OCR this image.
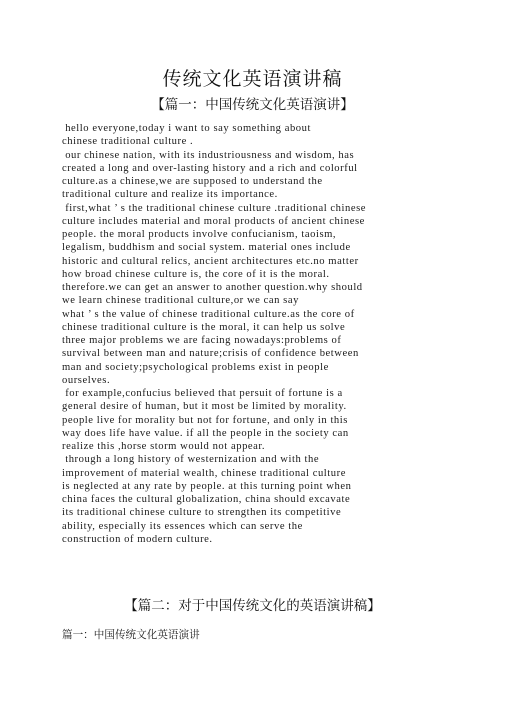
传统文化英语演讲稿
【篇一：中国传统文化英语演讲】
hello everyone,today i want to say something about
chinese traditional culture .
our chinese nation, with its industriousness and wisdom, has
created a long and over-lasting history and a rich and colorful
culture.as a chinese,we are supposed to understand the
traditional culture and realize its importance.
first,what ’ s the traditional chinese culture .traditional chinese
culture includes material and moral products of ancient chinese
people. the moral products involve confucianism, taoism,
legalism, buddhism and social system. material ones include
historic and cultural relics, ancient architectures etc.no matter
how broad chinese culture is, the core of it is the moral.
therefore.we can get an answer to another question.why should
we learn chinese traditional culture,or we can say
what ’ s the value of chinese traditional culture.as the core of
chinese traditional culture is the moral, it can help us solve
three major problems we are facing nowadays:problems of
survival between man and nature;crisis of confidence between
man and society;psychological problems exist in people
ourselves.
for example,confucius believed that persuit of fortune is a
general desire of human, but it most be limited by morality.
people live for morality but not for fortune, and only in this
way does life have value. if all the people in the society can
realize this ,horse storm would not appear.
through a long history of westernization and with the
improvement of material wealth, chinese traditional culture
is neglected at any rate by people. at this turning point when
china faces the cultural globalization, china should excavate
its traditional chinese culture to strengthen its competitive
ability, especially its essences which can serve the
construction of modern culture.
【篇二：对于中国传统文化的英语演讲稿】
篇一：中国传统文化英语演讲
